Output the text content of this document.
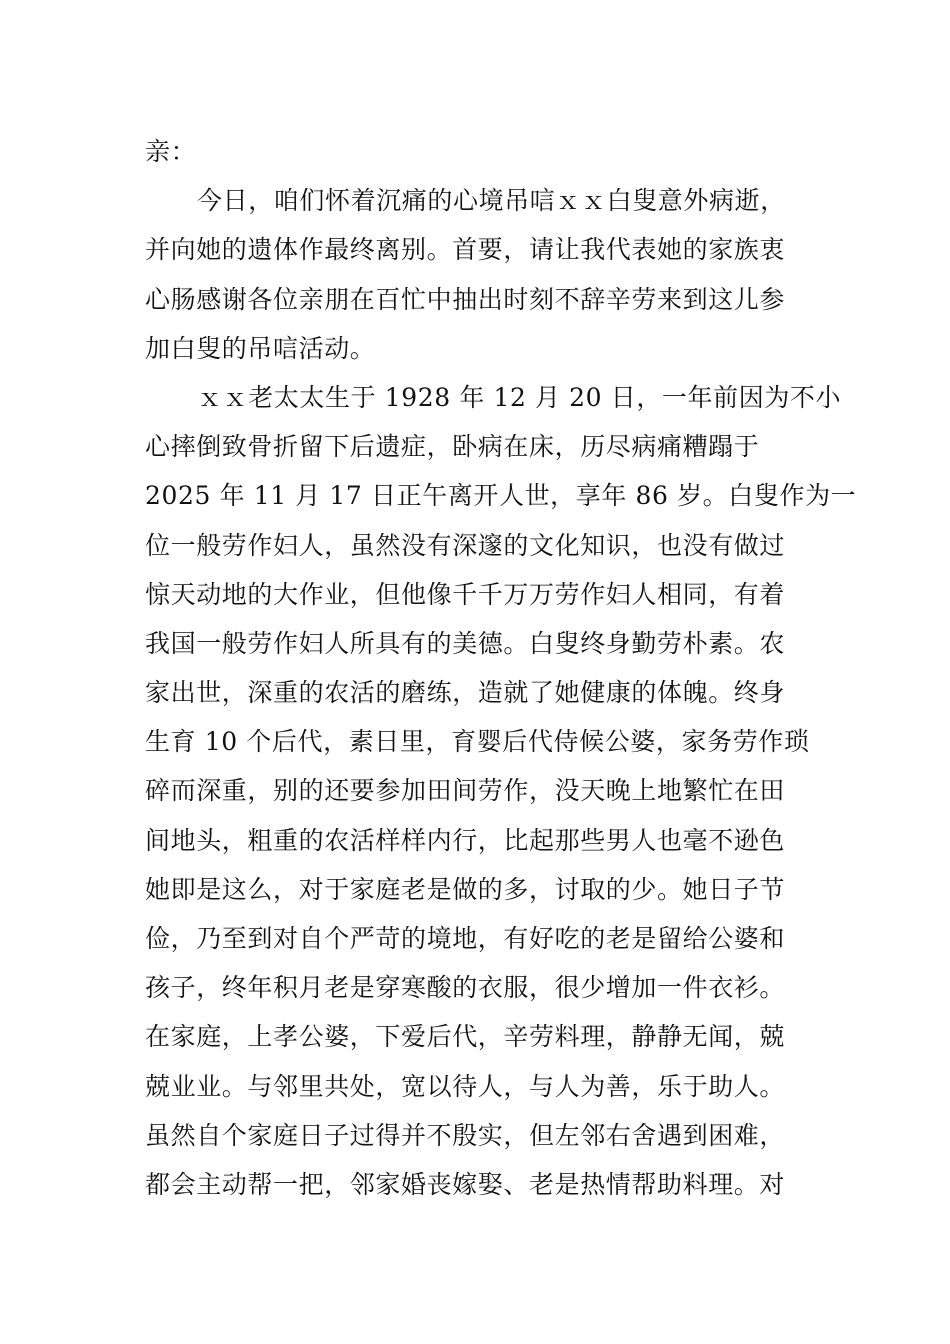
亲：
今日，咱们怀着沉痛的心境吊唁ｘｘ白叟意外病逝，
并向她的遗体作最终离别。首要，请让我代表她的家族衷
心肠感谢各位亲朋在百忙中抽出时刻不辞辛劳来到这儿参
加白叟的吊唁活动。
ｘｘ老太太生于 1928 年 12 月 20 日，一年前因为不小
心摔倒致骨折留下后遗症，卧病在床，历尽病痛糟蹋于
2025 年 11 月 17 日正午离开人世，享年 86 岁。白叟作为一
位一般劳作妇人，虽然没有深邃的文化知识，也没有做过
惊天动地的大作业，但他像千千万万劳作妇人相同，有着
我国一般劳作妇人所具有的美德。白叟终身勤劳朴素。农
家出世，深重的农活的磨练，造就了她健康的体魄。终身
生育 10 个后代，素日里，育婴后代侍候公婆，家务劳作琐
碎而深重，别的还要参加田间劳作，没天晚上地繁忙在田
间地头，粗重的农活样样内行，比起那些男人也毫不逊色
她即是这么，对于家庭老是做的多，讨取的少。她日子节
俭，乃至到对自个严苛的境地，有好吃的老是留给公婆和
孩子，终年积月老是穿寒酸的衣服，很少增加一件衣衫。
在家庭，上孝公婆，下爱后代，辛劳料理，静静无闻，兢
兢业业。与邻里共处，宽以待人，与人为善，乐于助人。
虽然自个家庭日子过得并不殷实，但左邻右舍遇到困难，
都会主动帮一把，邻家婚丧嫁娶、老是热情帮助料理。对
